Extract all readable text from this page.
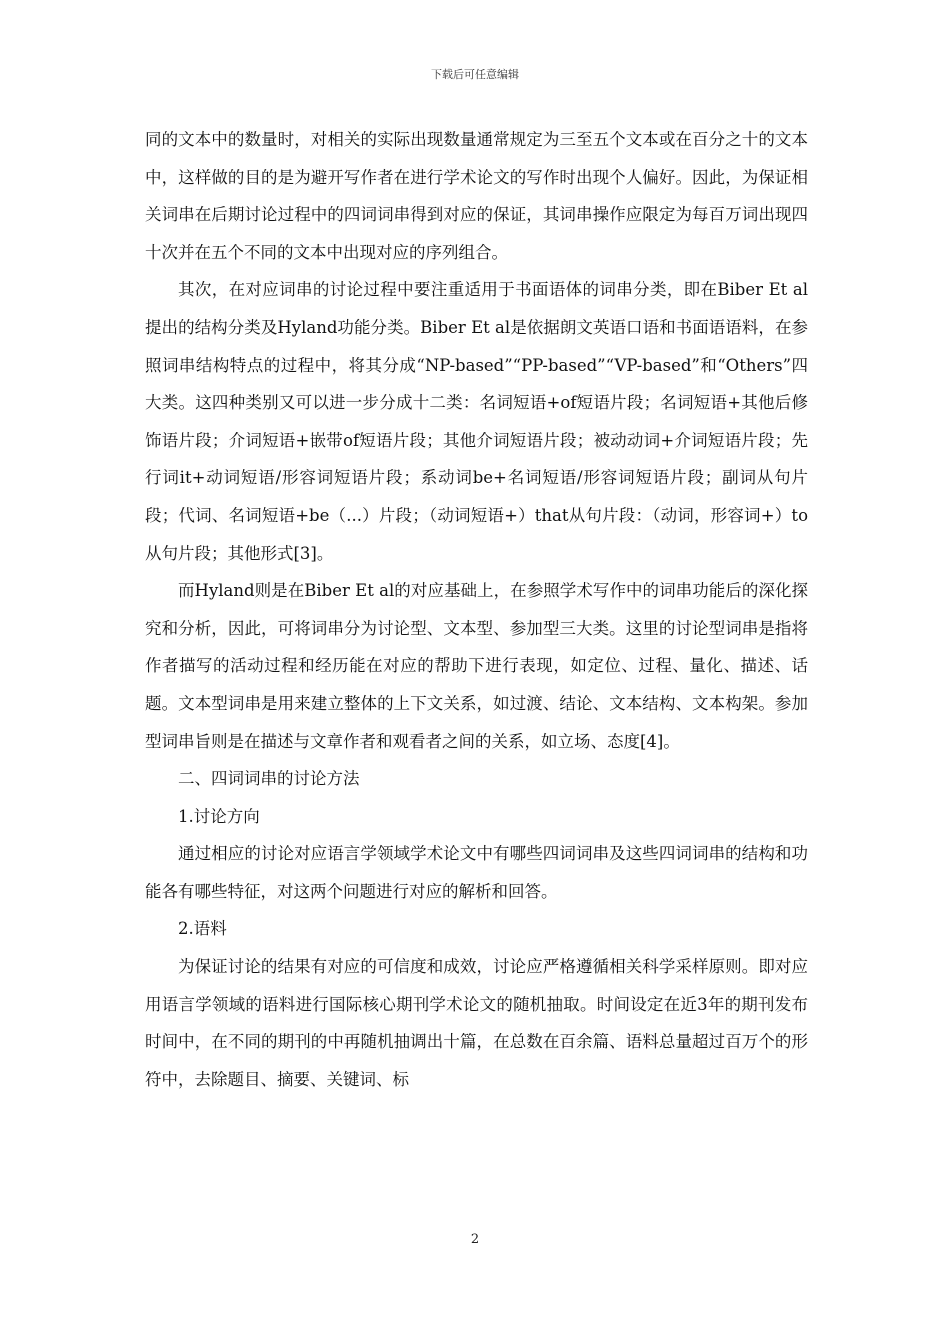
下载后可任意编辑

同的文本中的数量时，对相关的实际出现数量通常规定为三至五个文本或在百分之十的文本中，这样做的目的是为避开写作者在进行学术论文的写作时出现个人偏好。因此，为保证相关词串在后期讨论过程中的四词词串得到对应的保证，其词串操作应限定为每百万词出现四十次并在五个不同的文本中出现对应的序列组合。

其次，在对应词串的讨论过程中要注重适用于书面语体的词串分类，即在Biber Et al提出的结构分类及Hyland功能分类。Biber Et al是依据朗文英语口语和书面语语料，在参照词串结构特点的过程中，将其分成“NP-based”“PP-based”“VP-based”和“Others”四大类。这四种类别又可以进一步分成十二类：名词短语+of短语片段；名词短语+其他后修饰语片段；介词短语+嵌带of短语片段；其他介词短语片段；被动动词+介词短语片段；先行词it+动词短语/形容词短语片段；系动词be+名词短语/形容词短语片段；副词从句片段；代词、名词短语+be（...）片段；（动词短语+）that从句片段：（动词，形容词+）to从句片段；其他形式[3]。

而Hyland则是在Biber Et al的对应基础上，在参照学术写作中的词串功能后的深化探究和分析，因此，可将词串分为讨论型、文本型、参加型三大类。这里的讨论型词串是指将作者描写的活动过程和经历能在对应的帮助下进行表现，如定位、过程、量化、描述、话题。文本型词串是用来建立整体的上下文关系，如过渡、结论、文本结构、文本构架。参加型词串旨则是在描述与文章作者和观看者之间的关系，如立场、态度[4]。

二、四词词串的讨论方法

1.讨论方向

通过相应的讨论对应语言学领域学术论文中有哪些四词词串及这些四词词串的结构和功能各有哪些特征，对这两个问题进行对应的解析和回答。

2.语料

为保证讨论的结果有对应的可信度和成效，讨论应严格遵循相关科学采样原则。即对应用语言学领域的语料进行国际核心期刊学术论文的随机抽取。时间设定在近3年的期刊发布时间中，在不同的期刊的中再随机抽调出十篇，在总数在百余篇、语料总量超过百万个的形符中，去除题目、摘要、关键词、标

2
